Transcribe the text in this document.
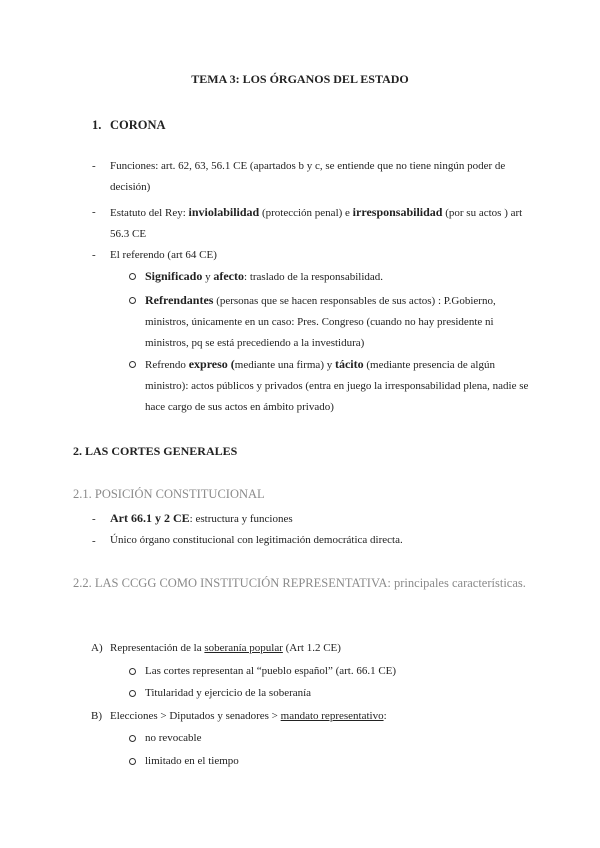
TEMA 3: LOS ÓRGANOS DEL ESTADO
1. CORONA
- Funciones: art. 62, 63, 56.1 CE (apartados b y c, se entiende que no tiene ningún poder de decisión)
- Estatuto del Rey: inviolabilidad (protección penal) e irresponsabilidad (por su actos ) art 56.3 CE
- El referendo (art 64 CE)
Significado y afecto: traslado de la responsabilidad.
Refrendantes (personas que se hacen responsables de sus actos) : P.Gobierno, ministros, únicamente en un caso: Pres. Congreso (cuando no hay presidente ni ministros, pq se está precediendo a la investidura)
Refrendo expreso (mediante una firma) y tácito (mediante presencia de algún ministro): actos públicos y privados (entra en juego la irresponsabilidad plena, nadie se hace cargo de sus actos en ámbito privado)
2. LAS CORTES GENERALES
2.1. POSICIÓN CONSTITUCIONAL
- Art 66.1 y 2 CE: estructura y funciones
- Único órgano constitucional con legitimación democrática directa.
2.2. LAS CCGG COMO INSTITUCIÓN REPRESENTATIVA: principales características.
A) Representación de la soberanía popular (Art 1.2 CE)
Las cortes representan al “pueblo español” (art. 66.1 CE)
Titularidad y ejercicio de la soberanía
B) Elecciones > Diputados y senadores > mandato representativo:
no revocable
limitado en el tiempo
